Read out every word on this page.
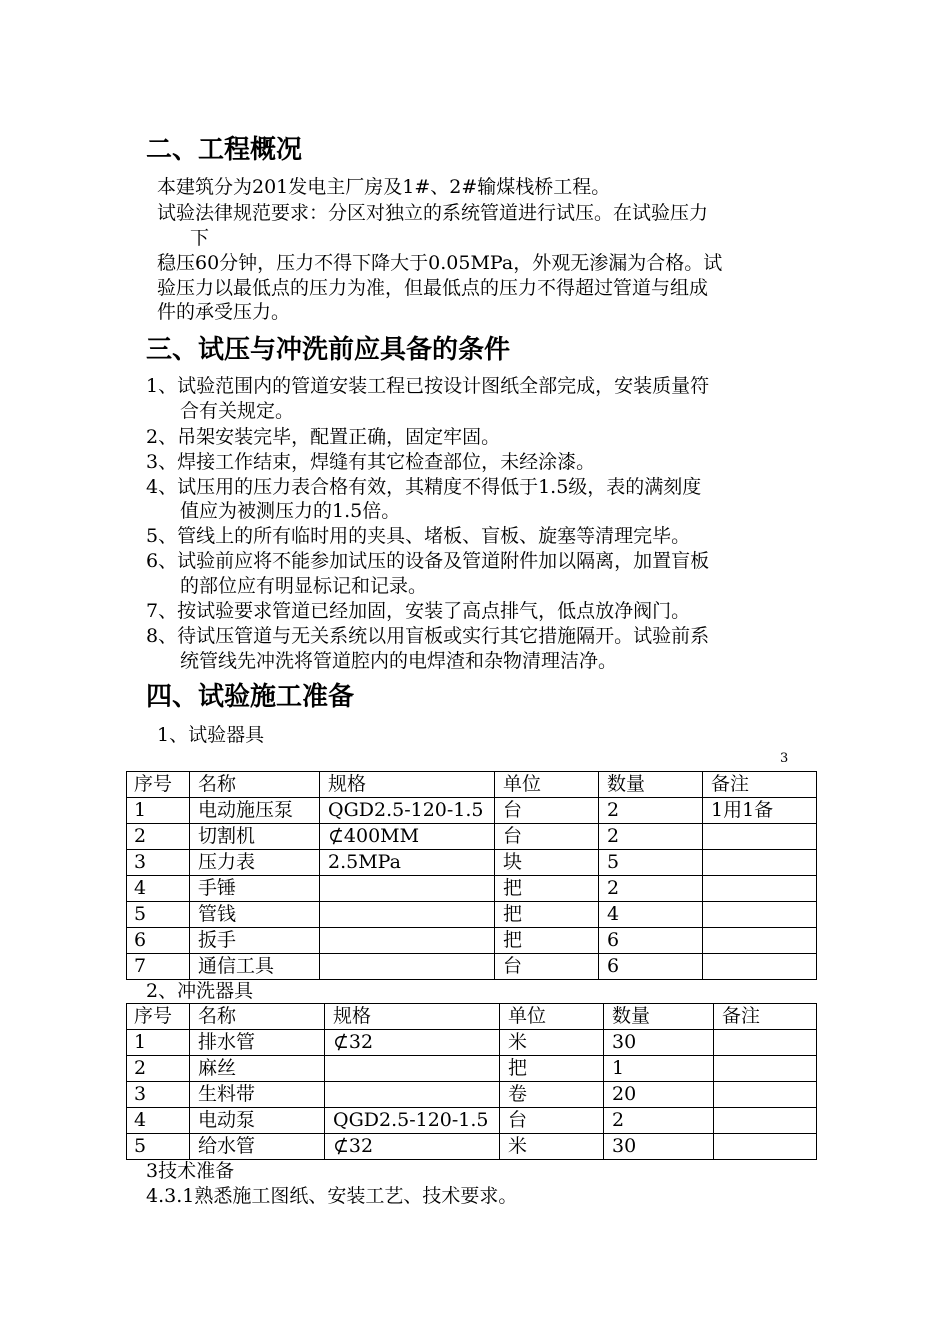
二、工程概况
本建筑分为201发电主厂房及1#、2#输煤栈桥工程。
试验法律规范要求：分区对独立的系统管道进行试压。在试验压力
下
稳压60分钟，压力不得下降大于0.05MPa，外观无渗漏为合格。试
验压力以最低点的压力为准，但最低点的压力不得超过管道与组成
件的承受压力。
三、试压与冲洗前应具备的条件
1、试验范围内的管道安装工程已按设计图纸全部完成，安装质量符
合有关规定。
2、吊架安装完毕，配置正确，固定牢固。
3、焊接工作结束，焊缝有其它检查部位，未经涂漆。
4、试压用的压力表合格有效，其精度不得低于1.5级，表的满刻度
值应为被测压力的1.5倍。
5、管线上的所有临时用的夹具、堵板、盲板、旋塞等清理完毕。
6、试验前应将不能参加试压的设备及管道附件加以隔离，加置盲板
的部位应有明显标记和记录。
7、按试验要求管道已经加固，安装了高点排气，低点放净阀门。
8、待试压管道与无关系统以用盲板或实行其它措施隔开。试验前系
统管线先冲洗将管道腔内的电焊渣和杂物清理洁净。
四、试验施工准备
1、试验器具
3
序号	名称	规格	单位	数量	备注
1	电动施压泵	QGD2.5-120-1.5	台	2	1用1备
2	切割机	⊄400MM	台	2	
3	压力表	2.5MPa	块	5	
4	手锤		把	2	
5	管钱		把	4	
6	扳手		把	6	
7	通信工具		台	6	
2、冲洗器具
序号	名称	规格	单位	数量	备注
1	排水管	⊄32	米	30	
2	麻丝		把	1	
3	生料带		卷	20	
4	电动泵	QGD2.5-120-1.5	台	2	
5	给水管	⊄32	米	30	
3技术准备
4.3.1熟悉施工图纸、安装工艺、技术要求。
